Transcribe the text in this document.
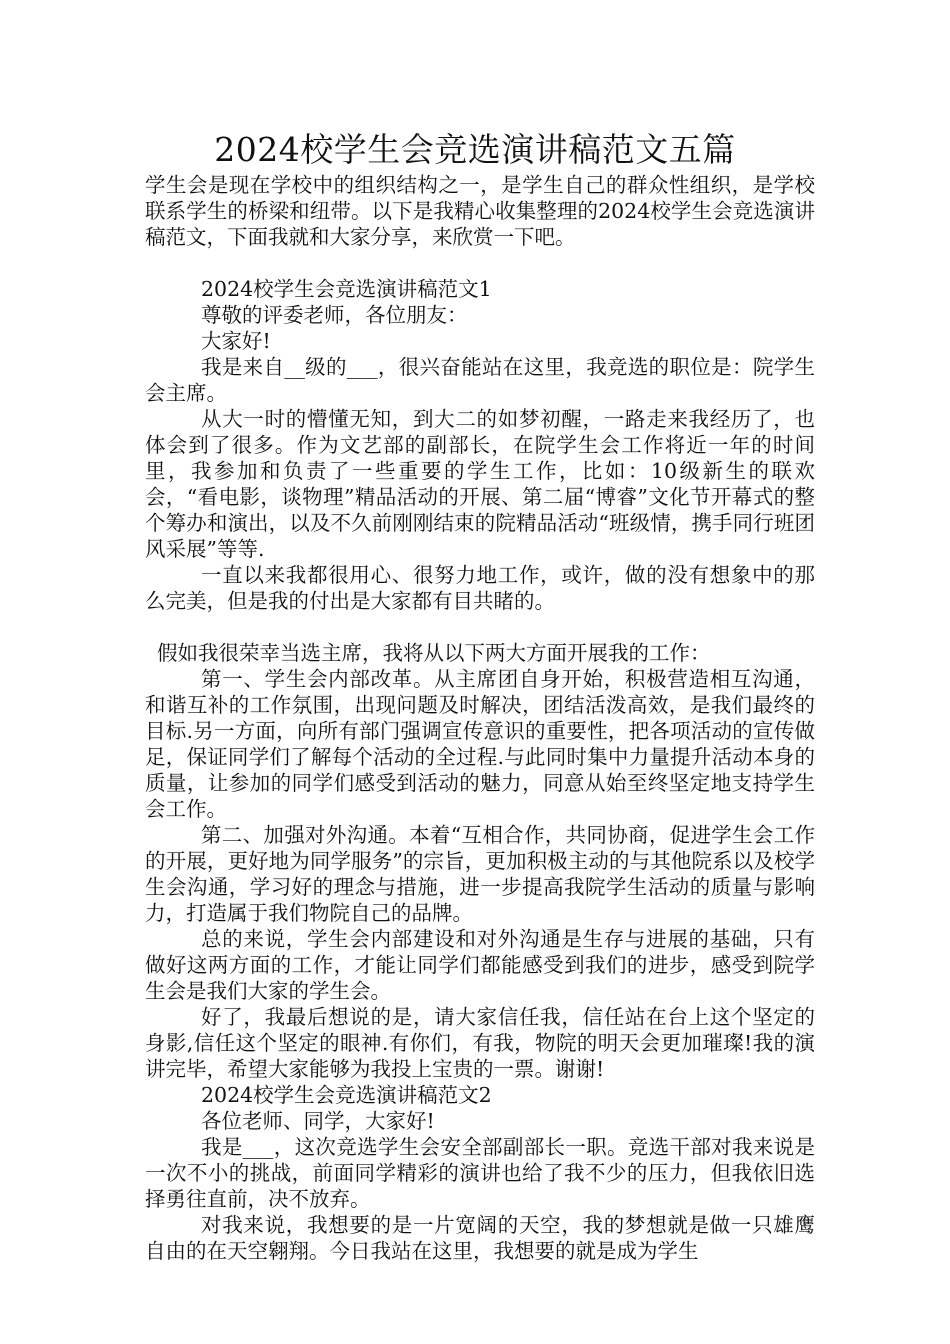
2024校学生会竞选演讲稿范文五篇

学生会是现在学校中的组织结构之一，是学生自己的群众性组织，是学校联系学生的桥梁和纽带。以下是我精心收集整理的2024校学生会竞选演讲稿范文，下面我就和大家分享，来欣赏一下吧。

2024校学生会竞选演讲稿范文1

尊敬的评委老师，各位朋友：

大家好!

我是来自__级的___，很兴奋能站在这里，我竞选的职位是：院学生会主席。

从大一时的懵懂无知，到大二的如梦初醒，一路走来我经历了，也体会到了很多。作为文艺部的副部长，在院学生会工作将近一年的时间里，我参加和负责了一些重要的学生工作，比如：10级新生的联欢会，“看电影，谈物理”精品活动的开展、第二届“博睿”文化节开幕式的整个筹办和演出，以及不久前刚刚结束的院精品活动“班级情，携手同行班团风采展”等等.

一直以来我都很用心、很努力地工作，或许，做的没有想象中的那么完美，但是我的付出是大家都有目共睹的。

假如我很荣幸当选主席，我将从以下两大方面开展我的工作：

第一、学生会内部改革。从主席团自身开始，积极营造相互沟通，和谐互补的工作氛围，出现问题及时解决，团结活泼高效，是我们最终的目标.另一方面，向所有部门强调宣传意识的重要性，把各项活动的宣传做足，保证同学们了解每个活动的全过程.与此同时集中力量提升活动本身的质量，让参加的同学们感受到活动的魅力，同意从始至终坚定地支持学生会工作。

第二、加强对外沟通。本着“互相合作，共同协商，促进学生会工作的开展，更好地为同学服务”的宗旨，更加积极主动的与其他院系以及校学生会沟通，学习好的理念与措施，进一步提高我院学生活动的质量与影响力，打造属于我们物院自己的品牌。

总的来说，学生会内部建设和对外沟通是生存与进展的基础，只有做好这两方面的工作，才能让同学们都能感受到我们的进步，感受到院学生会是我们大家的学生会。

好了，我最后想说的是，请大家信任我，信任站在台上这个坚定的身影,信任这个坚定的眼神.有你们，有我，物院的明天会更加璀璨!我的演讲完毕，希望大家能够为我投上宝贵的一票。谢谢!

2024校学生会竞选演讲稿范文2

各位老师、同学，大家好!

我是___，这次竞选学生会安全部副部长一职。竞选干部对我来说是一次不小的挑战，前面同学精彩的演讲也给了我不少的压力，但我依旧选择勇往直前，决不放弃。

对我来说，我想要的是一片宽阔的天空，我的梦想就是做一只雄鹰自由的在天空翱翔。今日我站在这里，我想要的就是成为学生
